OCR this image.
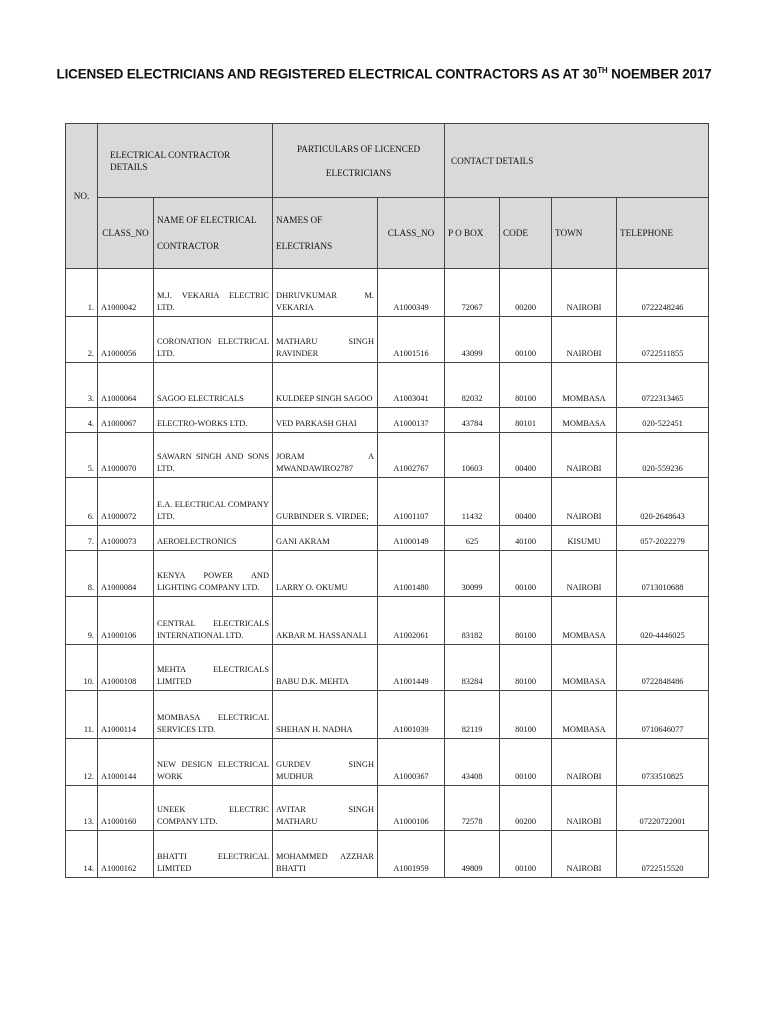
LICENSED ELECTRICIANS AND REGISTERED ELECTRICAL CONTRACTORS AS AT 30TH NOEMBER 2017
NO.	ELECTRICAL CONTRACTOR DETAILS		PARTICULARS OF LICENCED ELECTRICIANS		CONTACT DETAILS			
	CLASS_NO	NAME OF ELECTRICAL CONTRACTOR	NAMES OF ELECTRIANS	CLASS_NO	P O BOX	CODE	TOWN	TELEPHONE
1.	A1000042	M.J. VEKARIA ELECTRIC LTD.	DHRUVKUMAR M. VEKARIA	A1000349	72067	00200	NAIROBI	0722248246
2.	A1000056	CORONATION ELECTRICAL LTD.	MATHARU SINGH RAVINDER	A1001516	43099	00100	NAIROBI	0722511855
3.	A1000064	SAGOO ELECTRICALS	KULDEEP SINGH SAGOO	A1003041	82032	80100	MOMBASA	0722313465
4.	A1000067	ELECTRO-WORKS LTD.	VED PARKASH GHAI	A1000137	43784	80101	MOMBASA	020-522451
5.	A1000070	SAWARN SINGH AND SONS LTD.	JORAM A MWANDAWIRO2787	A1002767	10603	00400	NAIROBI	020-559236
6.	A1000072	E.A. ELECTRICAL COMPANY LTD.	GURBINDER S. VIRDEE;	A1001107	11432	00400	NAIROBI	020-2648643
7.	A1000073	AEROELECTRONICS	GANI AKRAM	A1000149	625	40100	KISUMU	057-2022279
8.	A1000084	KENYA POWER AND LIGHTING COMPANY LTD.	LARRY O. OKUMU	A1001480	30099	00100	NAIROBI	0713010688
9.	A1000106	CENTRAL ELECTRICALS INTERNATIONAL LTD.	AKBAR M. HASSANALI	A1002061	83182	80100	MOMBASA	020-4446025
10.	A1000108	MEHTA ELECTRICALS LIMITED	BABU D.K. MEHTA	A1001449	83284	80100	MOMBASA	0722848486
11.	A1000114	MOMBASA ELECTRICAL SERVICES LTD.	SHEHAN H. NADHA	A1001039	82119	80100	MOMBASA	0710646077
12.	A1000144	NEW DESIGN ELECTRICAL WORK	GURDEV SINGH MUDHUR	A1000367	43408	00100	NAIROBI	0733510825
13.	A1000160	UNEEK ELECTRIC COMPANY LTD.	AVITAR SINGH MATHARU	A1000106	72578	00200	NAIROBI	07220722001
14.	A1000162	BHATTI ELECTRICAL LIMITED	MOHAMMED AZZHAR BHATTI	A1001959	49809	00100	NAIROBI	0722515520
